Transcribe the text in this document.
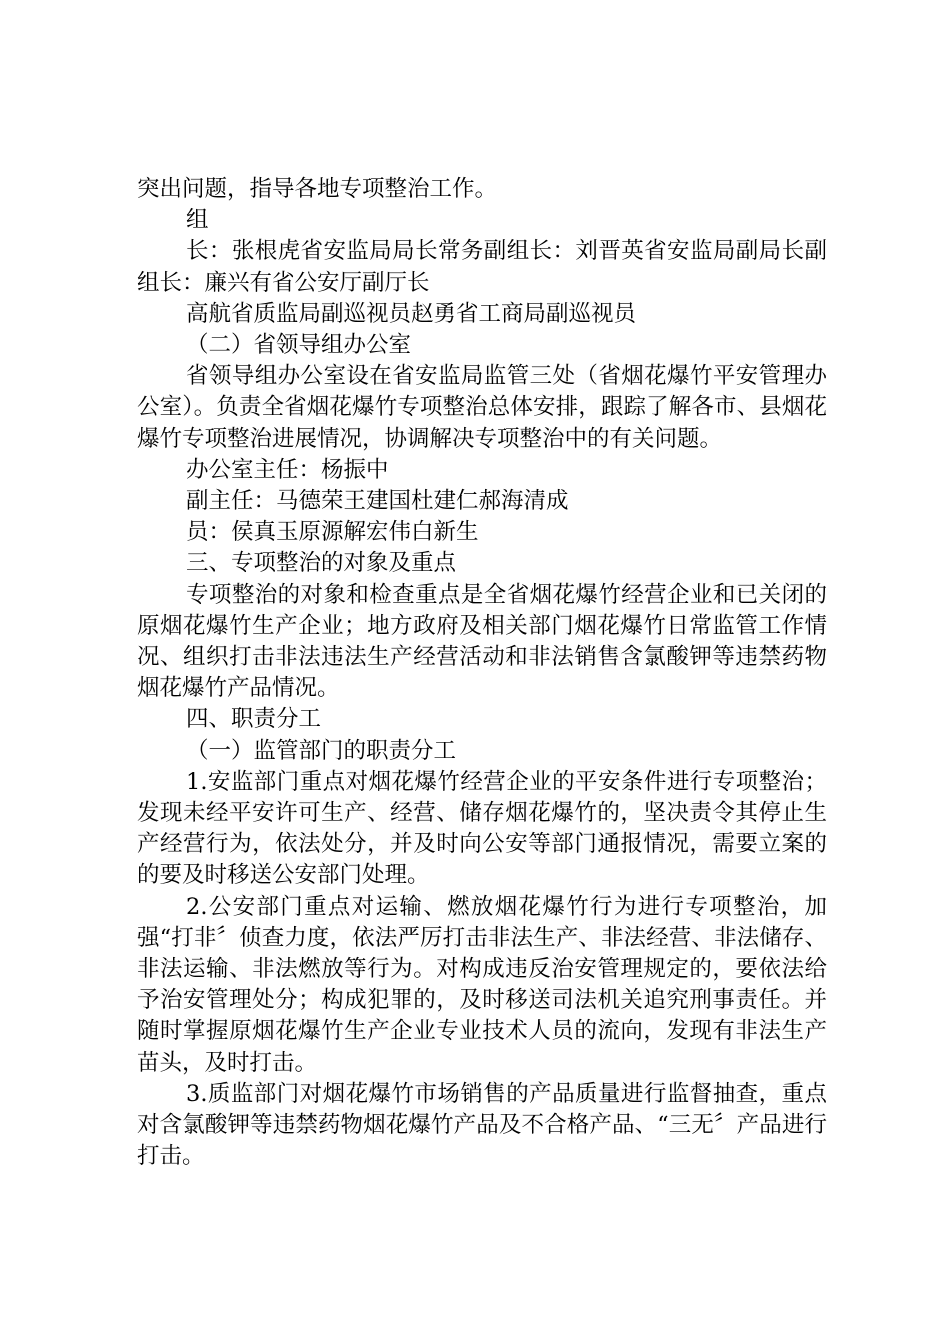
突出问题，指导各地专项整治工作。

组

长：张根虎省安监局局长常务副组长：刘晋英省安监局副局长副组长：廉兴有省公安厅副厅长

高航省质监局副巡视员赵勇省工商局副巡视员

（二）省领导组办公室

省领导组办公室设在省安监局监管三处（省烟花爆竹平安管理办公室）。负责全省烟花爆竹专项整治总体安排，跟踪了解各市、县烟花爆竹专项整治进展情况，协调解决专项整治中的有关问题。

办公室主任：杨振中

副主任：马德荣王建国杜建仁郝海清成

员：侯真玉原源解宏伟白新生

三、专项整治的对象及重点

专项整治的对象和检查重点是全省烟花爆竹经营企业和已关闭的原烟花爆竹生产企业；地方政府及相关部门烟花爆竹日常监管工作情况、组织打击非法违法生产经营活动和非法销售含氯酸钾等违禁药物烟花爆竹产品情况。

四、职责分工

（一）监管部门的职责分工

1.安监部门重点对烟花爆竹经营企业的平安条件进行专项整治；发现未经平安许可生产、经营、储存烟花爆竹的，坚决责令其停止生产经营行为，依法处分，并及时向公安等部门通报情况，需要立案的的要及时移送公安部门处理。

2.公安部门重点对运输、燃放烟花爆竹行为进行专项整治，加强“打非〞侦查力度，依法严厉打击非法生产、非法经营、非法储存、非法运输、非法燃放等行为。对构成违反治安管理规定的，要依法给予治安管理处分；构成犯罪的，及时移送司法机关追究刑事责任。并随时掌握原烟花爆竹生产企业专业技术人员的流向，发现有非法生产苗头，及时打击。

3.质监部门对烟花爆竹市场销售的产品质量进行监督抽查，重点对含氯酸钾等违禁药物烟花爆竹产品及不合格产品、“三无〞产品进行打击。
